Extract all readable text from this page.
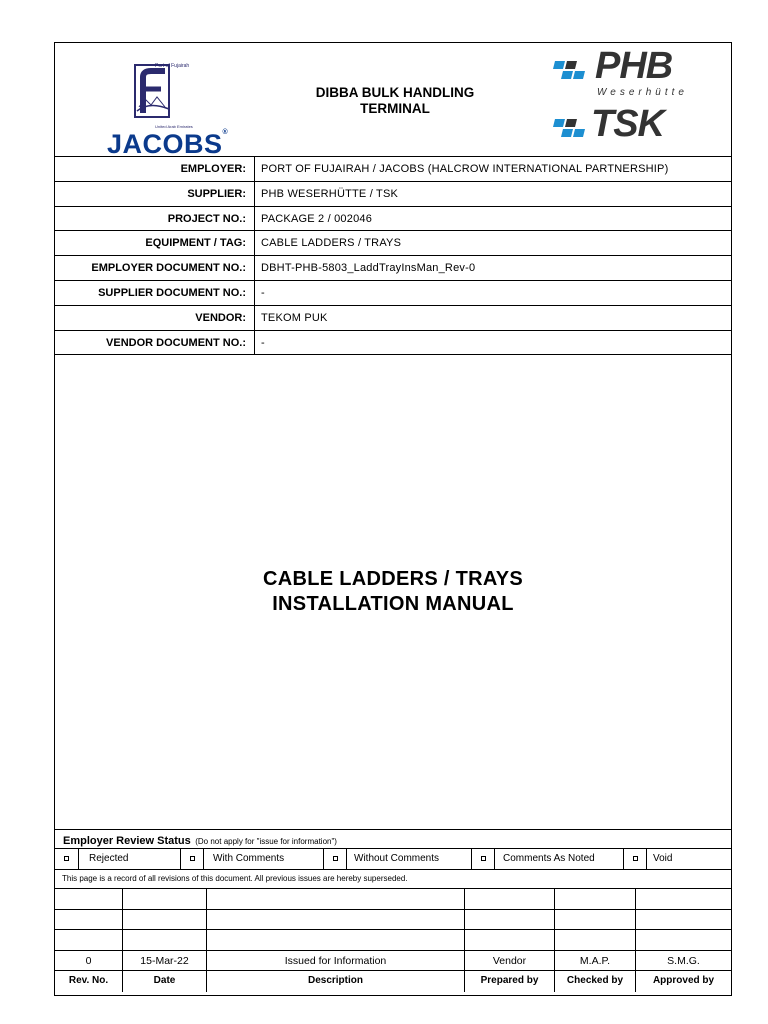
Port of Fujairah
United Arab Emirates
JACOBS®
DIBBA BULK HANDLING
TERMINAL
PHB
Weserhütte
TSK
EMPLOYER:	PORT OF FUJAIRAH / JACOBS (HALCROW INTERNATIONAL PARTNERSHIP)
SUPPLIER:	PHB WESERHÜTTE / TSK
PROJECT NO.:	PACKAGE 2 / 002046
EQUIPMENT / TAG:	CABLE LADDERS / TRAYS
EMPLOYER DOCUMENT NO.:	DBHT-PHB-5803_LaddTrayInsMan_Rev-0
SUPPLIER DOCUMENT NO.:	-
VENDOR:	TEKOM PUK
VENDOR DOCUMENT NO.:	-
CABLE LADDERS / TRAYS
INSTALLATION MANUAL
Employer Review Status (Do not apply for "issue for information")
Rejected	With Comments	Without Comments	Comments As Noted	Void
This page is a record of all revisions of this document. All previous issues are hereby superseded.
0	15-Mar-22	Issued for Information	Vendor	M.A.P.	S.M.G.
Rev. No.	Date	Description	Prepared by	Checked by	Approved by
